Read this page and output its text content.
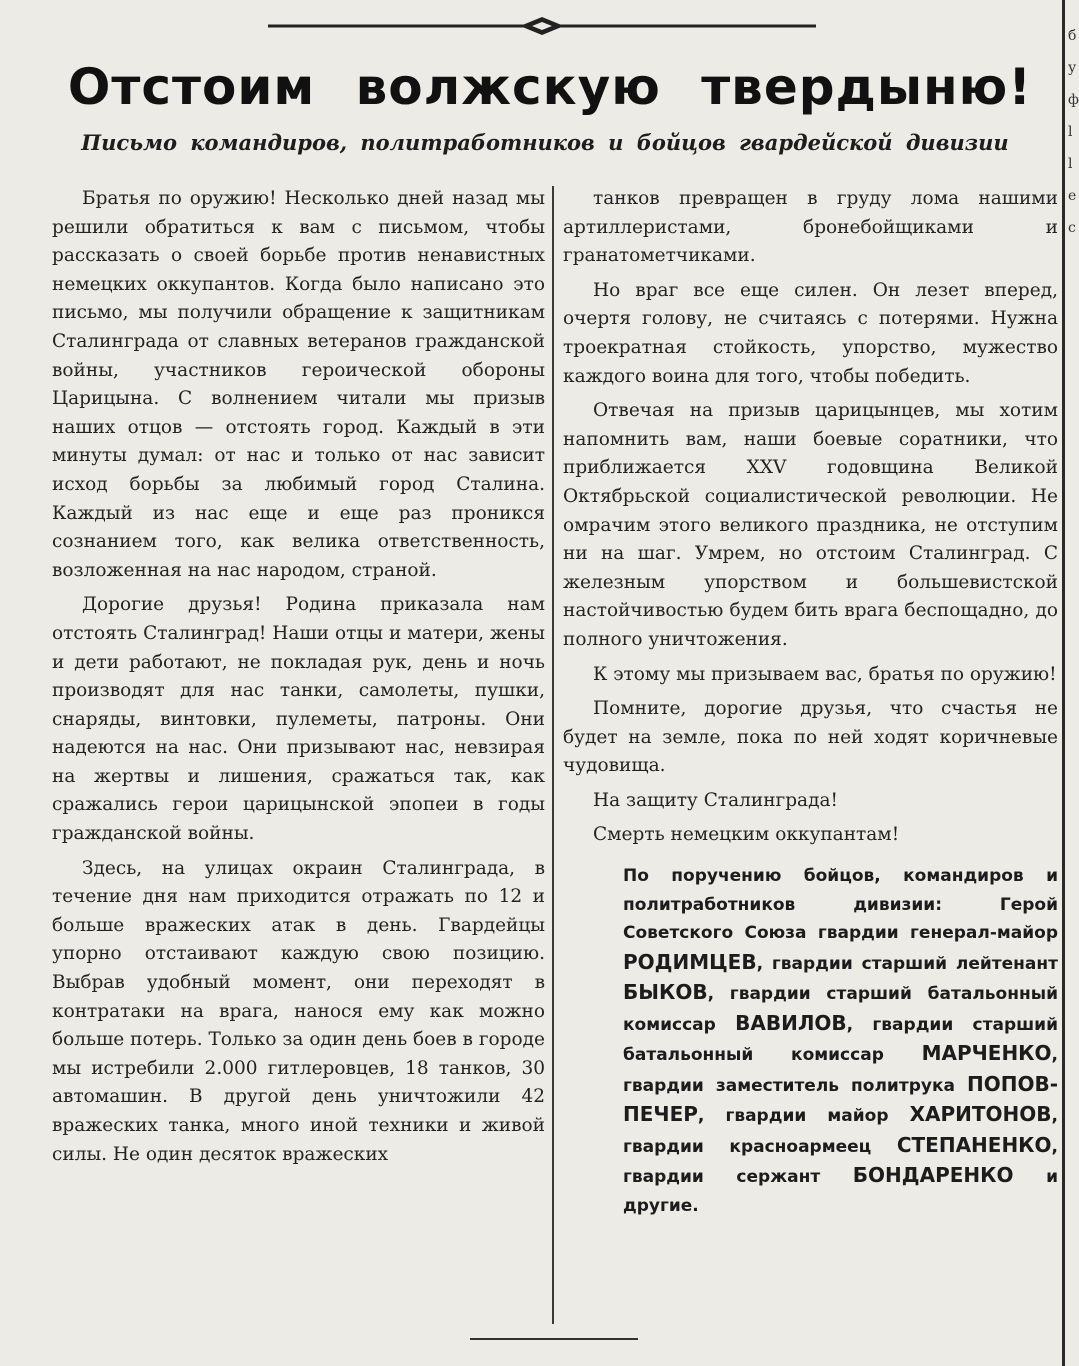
Отстоим волжскую твердыню!
Письмо командиров, политработников и бойцов гвардейской дивизии

Братья по оружию! Несколько дней назад мы решили обратиться к вам с письмом, чтобы рассказать о своей борьбе против ненавистных немецких оккупантов. Когда было написано это письмо, мы получили обращение к защитникам Сталинграда от славных ветеранов гражданской войны, участников героической обороны Царицына. С волнением читали мы призыв наших отцов — отстоять город. Каждый в эти минуты думал: от нас и только от нас зависит исход борьбы за любимый город Сталина. Каждый из нас еще и еще раз проникся сознанием того, как велика ответственность, возложенная на нас народом, страной.

Дорогие друзья! Родина приказала нам отстоять Сталинград! Наши отцы и матери, жены и дети работают, не покладая рук, день и ночь производят для нас танки, самолеты, пушки, снаряды, винтовки, пулеметы, патроны. Они надеются на нас. Они призывают нас, невзирая на жертвы и лишения, сражаться так, как сражались герои царицынской эпопеи в годы гражданской войны.

Здесь, на улицах окраин Сталинграда, в течение дня нам приходится отражать по 12 и больше вражеских атак в день. Гвардейцы упорно отстаивают каждую свою позицию. Выбрав удобный момент, они переходят в контратаки на врага, нанося ему как можно больше потерь. Только за один день боев в городе мы истребили 2.000 гитлеровцев, 18 танков, 30 автомашин. В другой день уничтожили 42 вражеских танка, много иной техники и живой силы. Не один десяток вражеских

танков превращен в груду лома нашими артиллеристами, бронебойщиками и гранатометчиками.

Но враг все еще силен. Он лезет вперед, очертя голову, не считаясь с потерями. Нужна троекратная стойкость, упорство, мужество каждого воина для того, чтобы победить.

Отвечая на призыв царицынцев, мы хотим напомнить вам, наши боевые соратники, что приближается XXV годовщина Великой Октябрьской социалистической революции. Не омрачим этого великого праздника, не отступим ни на шаг. Умрем, но отстоим Сталинград. С железным упорством и большевистской настойчивостью будем бить врага беспощадно, до полного уничтожения.

К этому мы призываем вас, братья по оружию!

Помните, дорогие друзья, что счастья не будет на земле, пока по ней ходят коричневые чудовища.

На защиту Сталинграда!

Смерть немецким оккупантам!

По поручению бойцов, командиров и политработников дивизии: Герой Советского Союза гвардии генерал-майор РОДИМЦЕВ, гвардии старший лейтенант БЫКОВ, гвардии старший батальонный комиссар ВАВИЛОВ, гвардии старший батальонный комиссар МАРЧЕНКО, гвардии заместитель политрука ПОПОВ-ПЕЧЕР, гвардии майор ХАРИТОНОВ, гвардии красноармеец СТЕПАНЕНКО, гвардии сержант БОНДАРЕНКО и другие.
б у ф l l e с
